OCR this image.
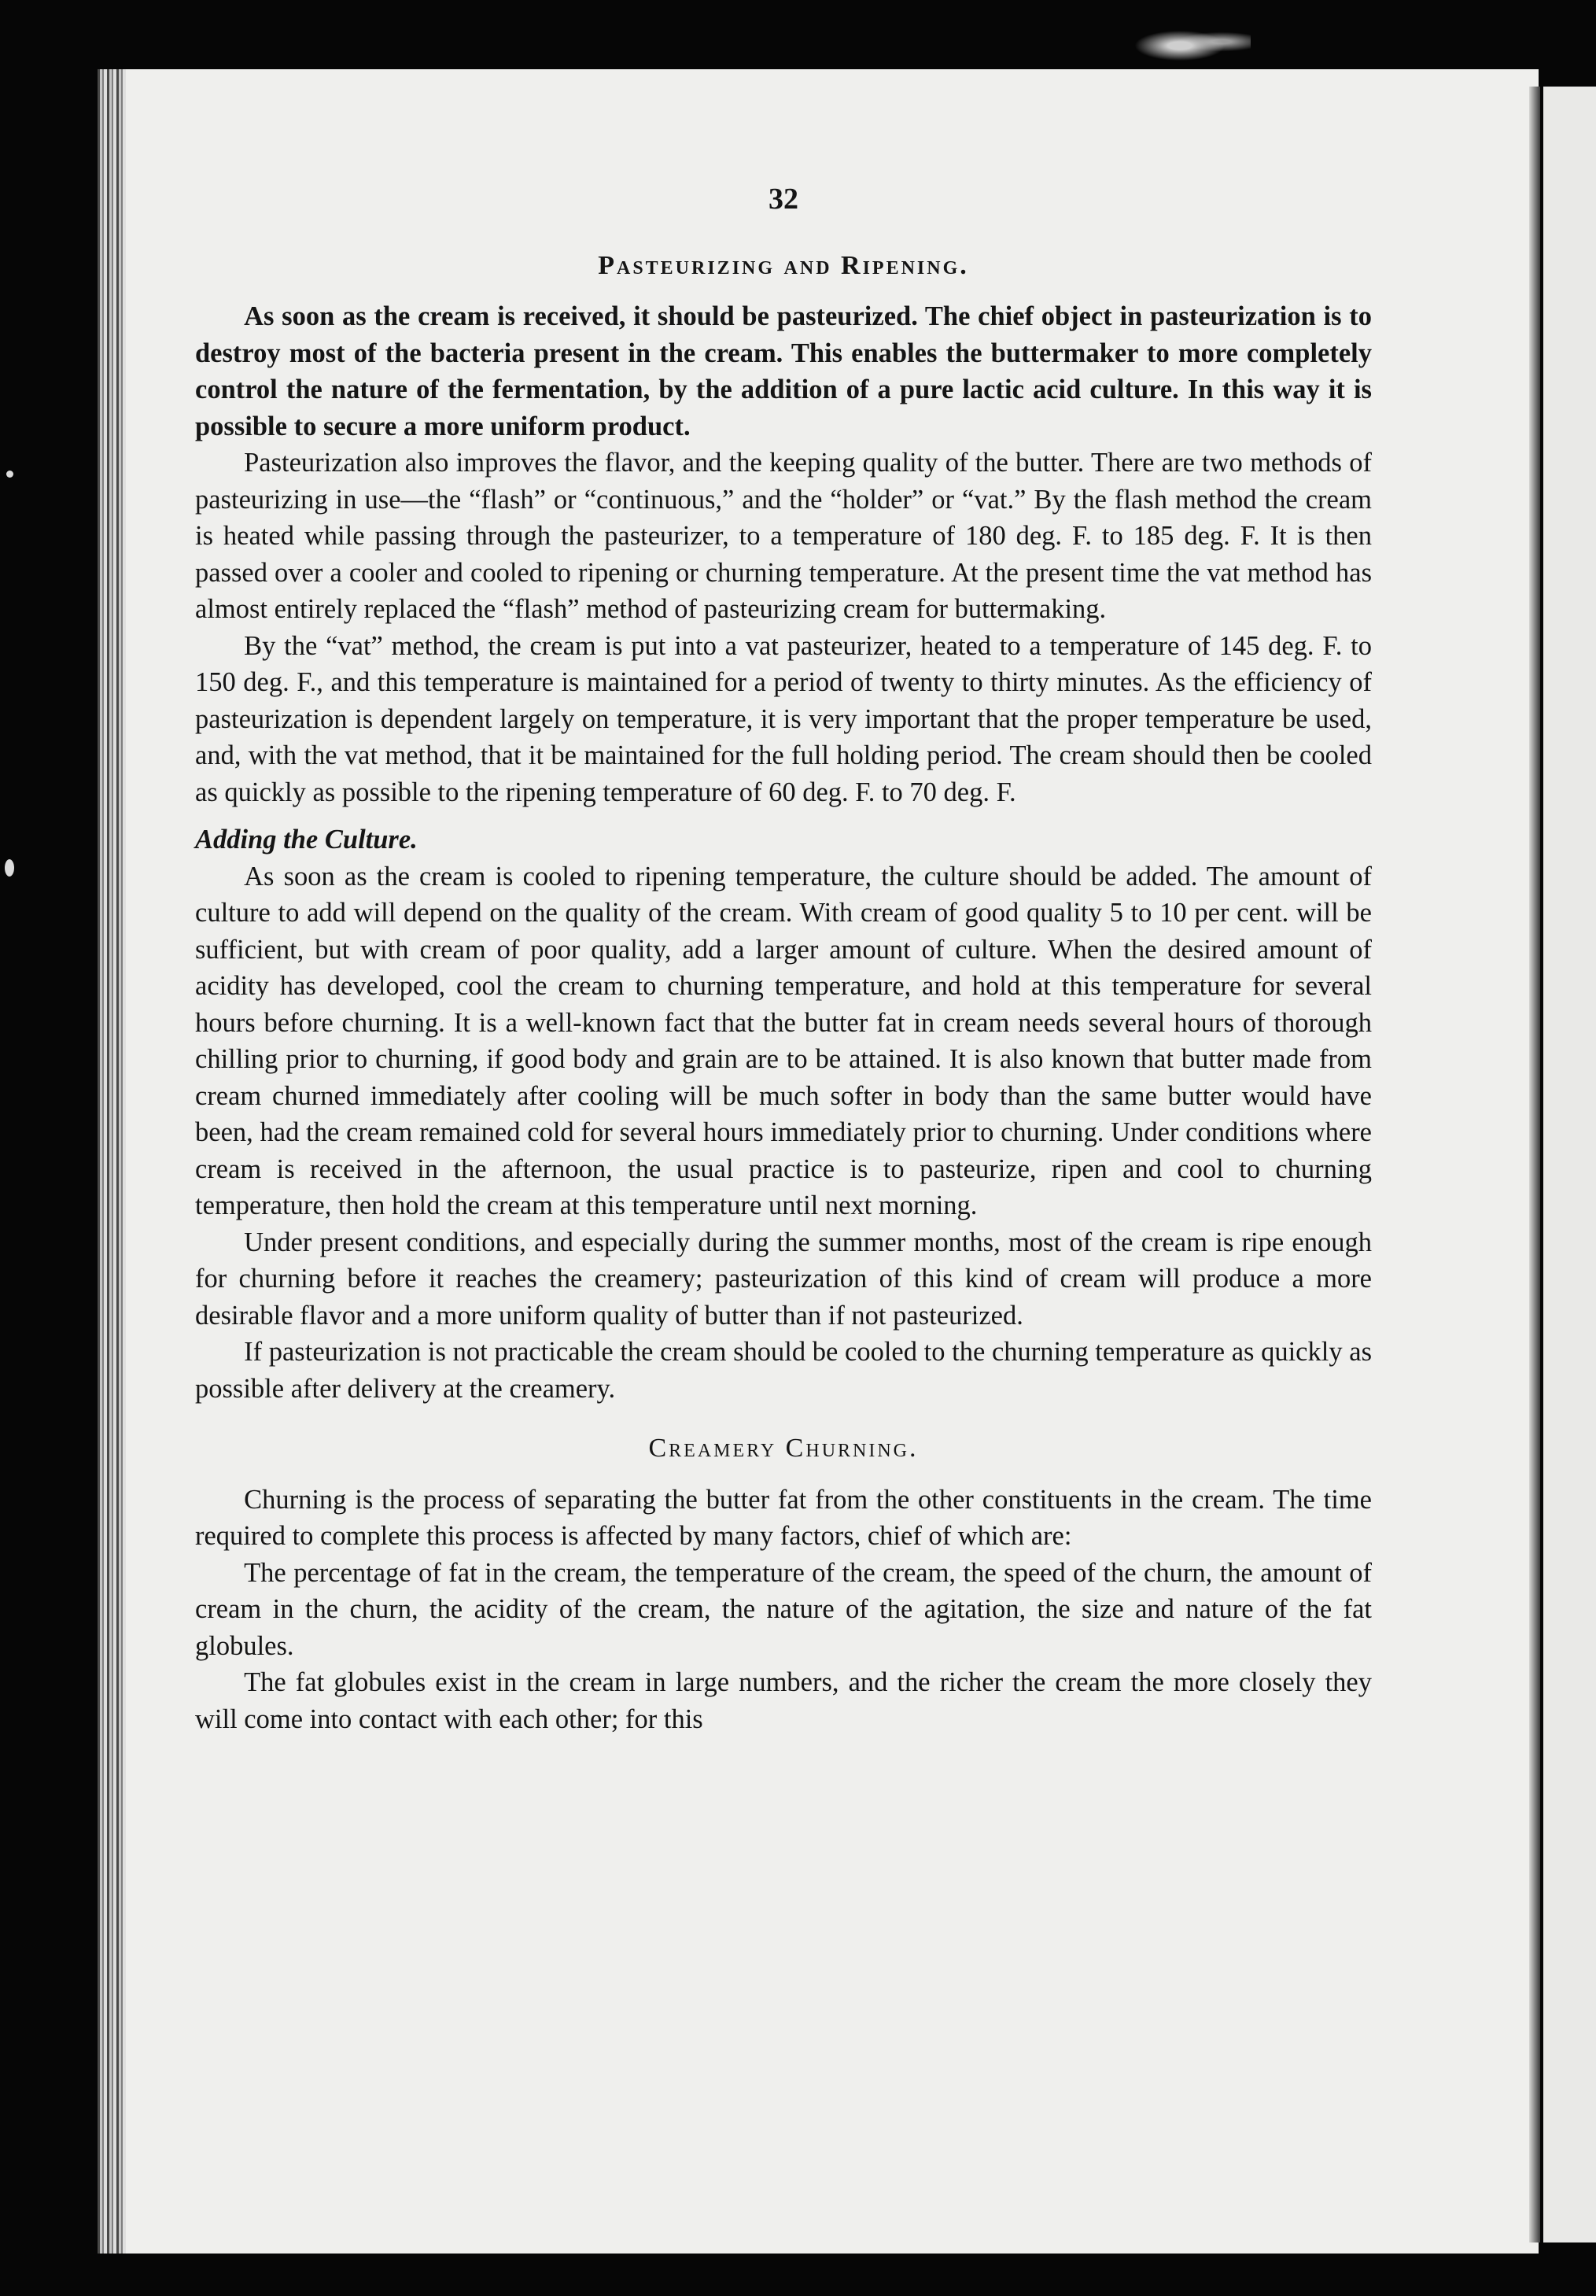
32
Pasteurizing and Ripening.

As soon as the cream is received, it should be pasteurized. The chief object in pasteurization is to destroy most of the bacteria present in the cream. This enables the buttermaker to more completely control the nature of the fermentation, by the addition of a pure lactic acid culture. In this way it is possible to secure a more uniform product.

Pasteurization also improves the flavor, and the keeping quality of the butter. There are two methods of pasteurizing in use—the “flash” or “continuous,” and the “holder” or “vat.” By the flash method the cream is heated while passing through the pasteurizer, to a temperature of 180 deg. F. to 185 deg. F. It is then passed over a cooler and cooled to ripening or churning temperature. At the present time the vat method has almost entirely replaced the “flash” method of pasteurizing cream for buttermaking.

By the “vat” method, the cream is put into a vat pasteurizer, heated to a temperature of 145 deg. F. to 150 deg. F., and this temperature is maintained for a period of twenty to thirty minutes. As the efficiency of pasteurization is dependent largely on temperature, it is very important that the proper temperature be used, and, with the vat method, that it be maintained for the full holding period. The cream should then be cooled as quickly as possible to the ripening temperature of 60 deg. F. to 70 deg. F.

Adding the Culture.

As soon as the cream is cooled to ripening temperature, the culture should be added. The amount of culture to add will depend on the quality of the cream. With cream of good quality 5 to 10 per cent. will be sufficient, but with cream of poor quality, add a larger amount of culture. When the desired amount of acidity has developed, cool the cream to churning temperature, and hold at this temperature for several hours before churning. It is a well-known fact that the butter fat in cream needs several hours of thorough chilling prior to churning, if good body and grain are to be attained. It is also known that butter made from cream churned immediately after cooling will be much softer in body than the same butter would have been, had the cream remained cold for several hours immediately prior to churning. Under conditions where cream is received in the afternoon, the usual practice is to pasteurize, ripen and cool to churning temperature, then hold the cream at this temperature until next morning.

Under present conditions, and especially during the summer months, most of the cream is ripe enough for churning before it reaches the creamery; pasteurization of this kind of cream will produce a more desirable flavor and a more uniform quality of butter than if not pasteurized.

If pasteurization is not practicable the cream should be cooled to the churning temperature as quickly as possible after delivery at the creamery.

Creamery Churning.

Churning is the process of separating the butter fat from the other constituents in the cream. The time required to complete this process is affected by many factors, chief of which are:

The percentage of fat in the cream, the temperature of the cream, the speed of the churn, the amount of cream in the churn, the acidity of the cream, the nature of the agitation, the size and nature of the fat globules.

The fat globules exist in the cream in large numbers, and the richer the cream the more closely they will come into contact with each other; for this
